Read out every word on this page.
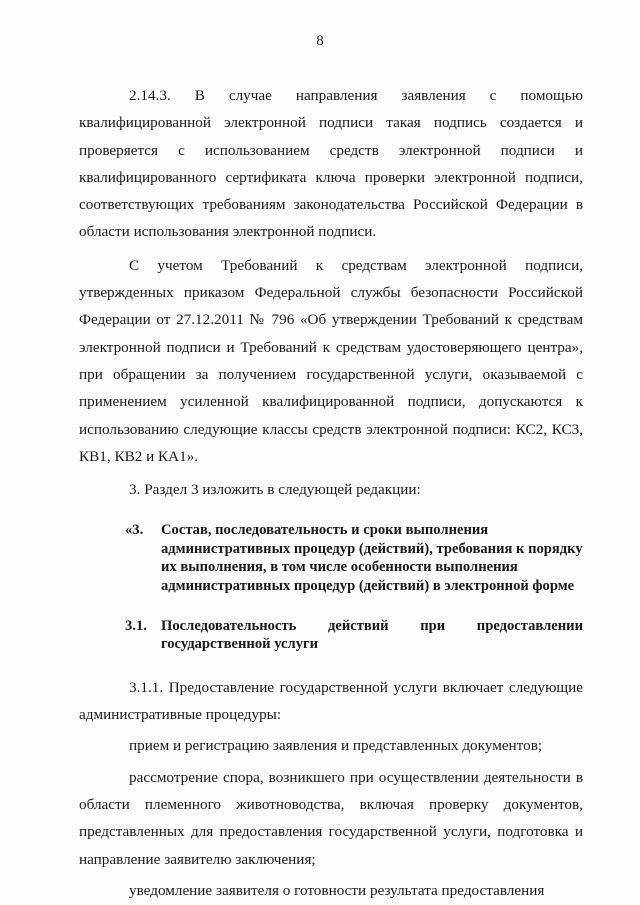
8

2.14.3. В случае направления заявления с помощью квалифицированной электронной подписи такая подпись создается и проверяется с использованием средств электронной подписи и квалифицированного сертификата ключа проверки электронной подписи, соответствующих требованиям законодательства Российской Федерации в области использования электронной подписи.

С учетом Требований к средствам электронной подписи, утвержденных приказом Федеральной службы безопасности Российской Федерации от 27.12.2011 № 796 «Об утверждении Требований к средствам электронной подписи и Требований к средствам удостоверяющего центра», при обращении за получением государственной услуги, оказываемой с применением усиленной квалифицированной подписи, допускаются к использованию следующие классы средств электронной подписи: КС2, КС3, КВ1, КВ2 и КА1».

3. Раздел 3 изложить в следующей редакции:

«3.	Состав, последовательность и сроки выполнения административных процедур (действий), требования к порядку их выполнения, в том числе особенности выполнения административных процедур (действий) в электронной форме
3.1. Последовательность действий при предоставлении государственной услуги

3.1.1. Предоставление государственной услуги включает следующие административные процедуры:

прием и регистрацию заявления и представленных документов;

рассмотрение спора, возникшего при осуществлении деятельности в области племенного животноводства, включая проверку документов, представленных для предоставления государственной услуги, подготовка и направление заявителю заключения;

уведомление заявителя о готовности результата предоставления
